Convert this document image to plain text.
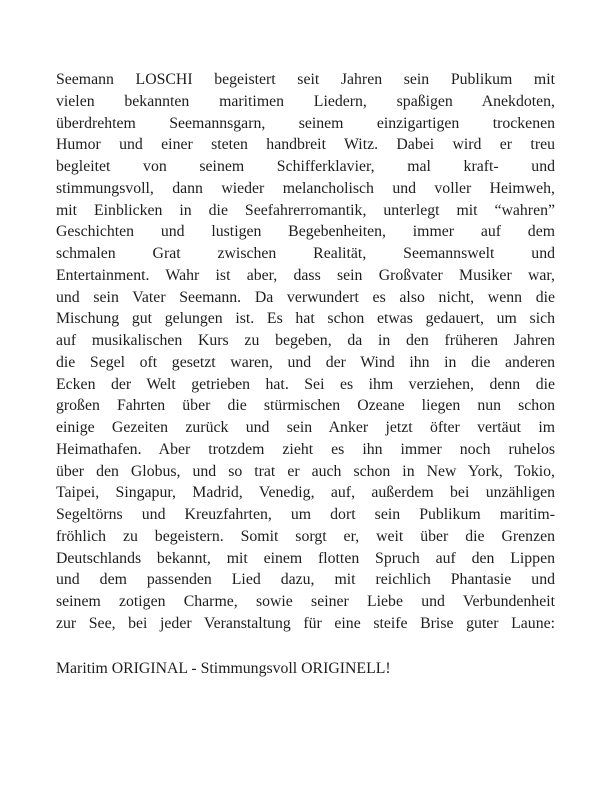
Seemann LOSCHI begeistert seit Jahren sein Publikum mit
vielen bekannten maritimen Liedern, spaßigen Anekdoten,
überdrehtem Seemannsgarn, seinem einzigartigen trockenen
Humor und einer steten handbreit Witz. Dabei wird er treu
begleitet von seinem Schifferklavier, mal kraft- und
stimmungsvoll, dann wieder melancholisch und voller Heimweh,
mit Einblicken in die Seefahrerromantik, unterlegt mit “wahren”
Geschichten und lustigen Begebenheiten, immer auf dem
schmalen Grat zwischen Realität, Seemannswelt und
Entertainment. Wahr ist aber, dass sein Großvater Musiker war,
und sein Vater Seemann. Da verwundert es also nicht, wenn die
Mischung gut gelungen ist. Es hat schon etwas gedauert, um sich
auf musikalischen Kurs zu begeben, da in den früheren Jahren
die Segel oft gesetzt waren, und der Wind ihn in die anderen
Ecken der Welt getrieben hat. Sei es ihm verziehen, denn die
großen Fahrten über die stürmischen Ozeane liegen nun schon
einige Gezeiten zurück und sein Anker jetzt öfter vertäut im
Heimathafen. Aber trotzdem zieht es ihn immer noch ruhelos
über den Globus, und so trat er auch schon in New York, Tokio,
Taipei, Singapur, Madrid, Venedig, auf, außerdem bei unzähligen
Segeltörns und Kreuzfahrten, um dort sein Publikum maritim-
fröhlich zu begeistern. Somit sorgt er, weit über die Grenzen
Deutschlands bekannt, mit einem flotten Spruch auf den Lippen
und dem passenden Lied dazu, mit reichlich Phantasie und
seinem zotigen Charme, sowie seiner Liebe und Verbundenheit
zur See, bei jeder Veranstaltung für eine steife Brise guter Laune:

Maritim ORIGINAL - Stimmungsvoll ORIGINELL!
